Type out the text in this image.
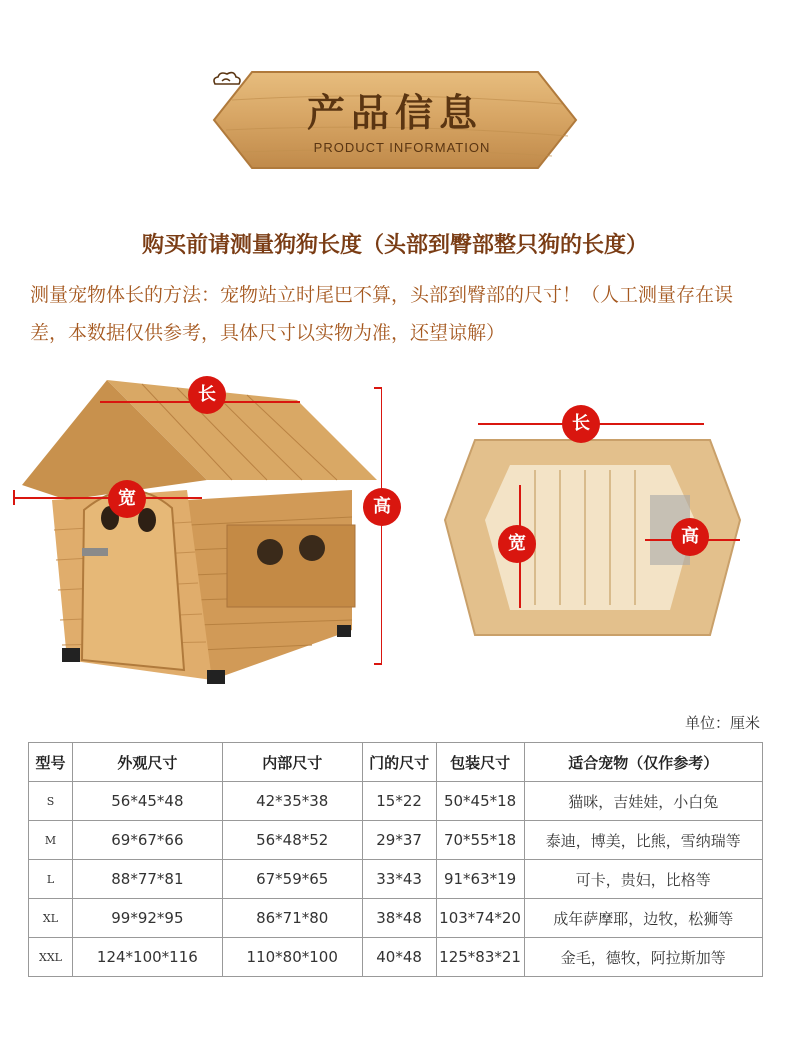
产品信息
PRODUCT INFORMATION
购买前请测量狗狗长度（头部到臀部整只狗的长度）
测量宠物体长的方法：宠物站立时尾巴不算，头部到臀部的尺寸！（人工测量存在误差，本数据仅供参考，具体尺寸以实物为准，还望谅解）
长
宽	高
长
宽	高
单位：厘米
型号	外观尺寸	内部尺寸	门的尺寸	包装尺寸	适合宠物（仅作参考）
S	56*45*48	42*35*38	15*22	50*45*18	猫咪，吉娃娃，小白兔
M	69*67*66	56*48*52	29*37	70*55*18	泰迪，博美，比熊，雪纳瑞等
L	88*77*81	67*59*65	33*43	91*63*19	可卡，贵妇，比格等
XL	99*92*95	86*71*80	38*48	103*74*20	成年萨摩耶，边牧，松狮等
XXL	124*100*116	110*80*100	40*48	125*83*21	金毛，德牧，阿拉斯加等
